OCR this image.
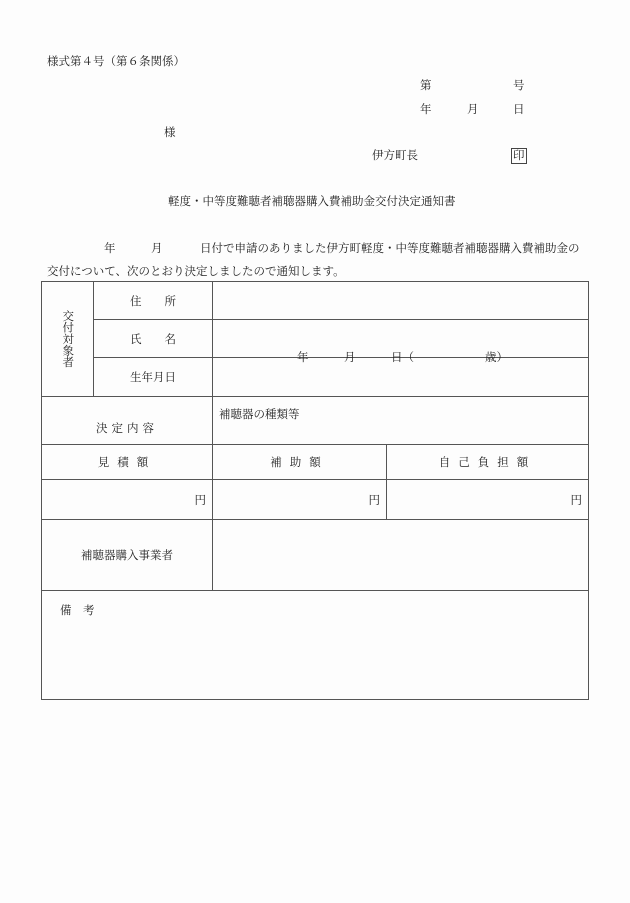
様式第４号（第６条関係）
第	号
年	月	日
様
伊方町長	印
軽度・中等度難聴者補聴器購入費補助金交付決定通知書
年	月	日付で申請のありました伊方町軽度・中等度難聴者補聴器購入費補助金の
交付について、次のとおり決定しましたので通知します。
交付対象者	住　　所		
	氏　　名		
	生年月日	年 月 日（ 歳）	

決定内容		補聴器の種類等	
見積額		補助額	自己負担額
円		円	円
補聴器購入事業者			
備　考			
